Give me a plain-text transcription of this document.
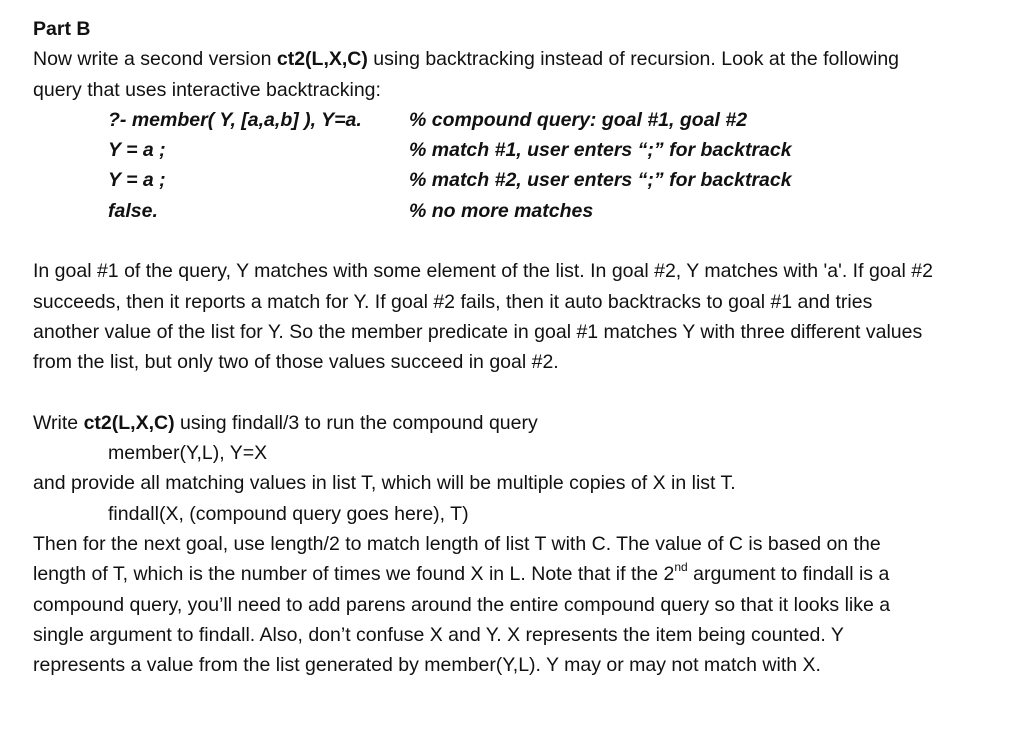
Part B
Now write a second version ct2(L,X,C) using backtracking instead of recursion. Look at the following
query that uses interactive backtracking:
?- member( Y, [a,a,b] ), Y=a. % compound query: goal #1, goal #2
Y = a ;	% match #1, user enters “;” for backtrack
Y = a ;	% match #2, user enters “;” for backtrack
false.	% no more matches
In goal #1 of the query, Y matches with some element of the list. In goal #2, Y matches with 'a'. If goal #2
succeeds, then it reports a match for Y. If goal #2 fails, then it auto backtracks to goal #1 and tries
another value of the list for Y. So the member predicate in goal #1 matches Y with three different values
from the list, but only two of those values succeed in goal #2.
Write ct2(L,X,C) using findall/3 to run the compound query
member(Y,L), Y=X
and provide all matching values in list T, which will be multiple copies of X in list T.
findall(X, (compound query goes here), T)
Then for the next goal, use length/2 to match length of list T with C. The value of C is based on the
length of T, which is the number of times we found X in L. Note that if the 2nd argument to findall is a
compound query, you’ll need to add parens around the entire compound query so that it looks like a
single argument to findall. Also, don’t confuse X and Y. X represents the item being counted. Y
represents a value from the list generated by member(Y,L). Y may or may not match with X.
